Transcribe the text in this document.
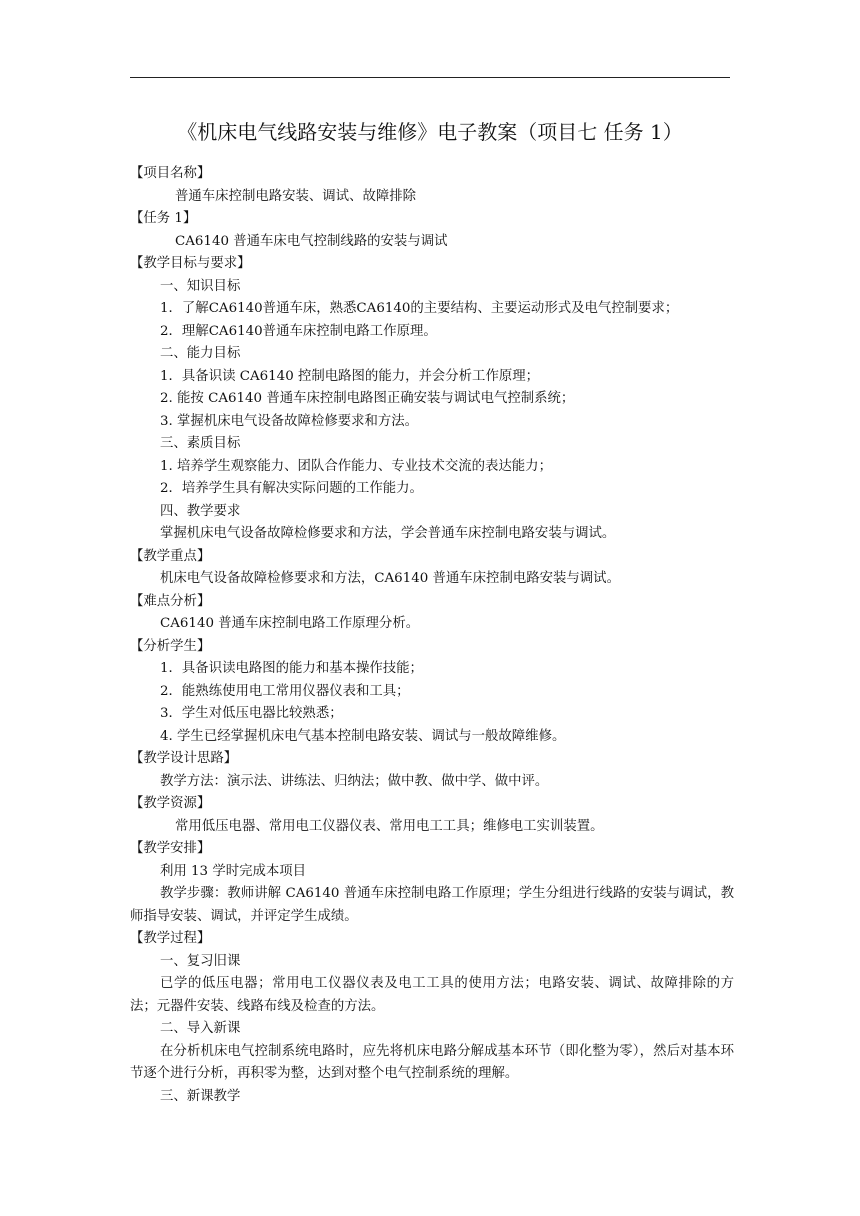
《机床电气线路安装与维修》电子教案（项目七 任务 1）

【项目名称】

普通车床控制电路安装、调试、故障排除

【任务 1】

CA6140 普通车床电气控制线路的安装与调试

【教学目标与要求】

一、知识目标

1．了解CA6140普通车床，熟悉CA6140的主要结构、主要运动形式及电气控制要求；

2．理解CA6140普通车床控制电路工作原理。

二、能力目标

1．具备识读 CA6140 控制电路图的能力，并会分析工作原理；

2. 能按 CA6140 普通车床控制电路图正确安装与调试电气控制系统；

3. 掌握机床电气设备故障检修要求和方法。

三、素质目标

1. 培养学生观察能力、团队合作能力、专业技术交流的表达能力；

2．培养学生具有解决实际问题的工作能力。

四、教学要求

掌握机床电气设备故障检修要求和方法，学会普通车床控制电路安装与调试。

【教学重点】

机床电气设备故障检修要求和方法，CA6140 普通车床控制电路安装与调试。

【难点分析】

CA6140 普通车床控制电路工作原理分析。

【分析学生】

1．具备识读电路图的能力和基本操作技能；

2．能熟练使用电工常用仪器仪表和工具；

3．学生对低压电器比较熟悉；

4. 学生已经掌握机床电气基本控制电路安装、调试与一般故障维修。

【教学设计思路】

教学方法：演示法、讲练法、归纳法；做中教、做中学、做中评。

【教学资源】

常用低压电器、常用电工仪器仪表、常用电工工具；维修电工实训装置。

【教学安排】

利用 13 学时完成本项目

教学步骤：教师讲解 CA6140 普通车床控制电路工作原理；学生分组进行线路的安装与调试，教师指导安装、调试，并评定学生成绩。

【教学过程】

一、复习旧课

已学的低压电器；常用电工仪器仪表及电工工具的使用方法；电路安装、调试、故障排除的方法；元器件安装、线路布线及检查的方法。

二、导入新课

在分析机床电气控制系统电路时，应先将机床电路分解成基本环节（即化整为零），然后对基本环节逐个进行分析，再积零为整，达到对整个电气控制系统的理解。

三、新课教学
